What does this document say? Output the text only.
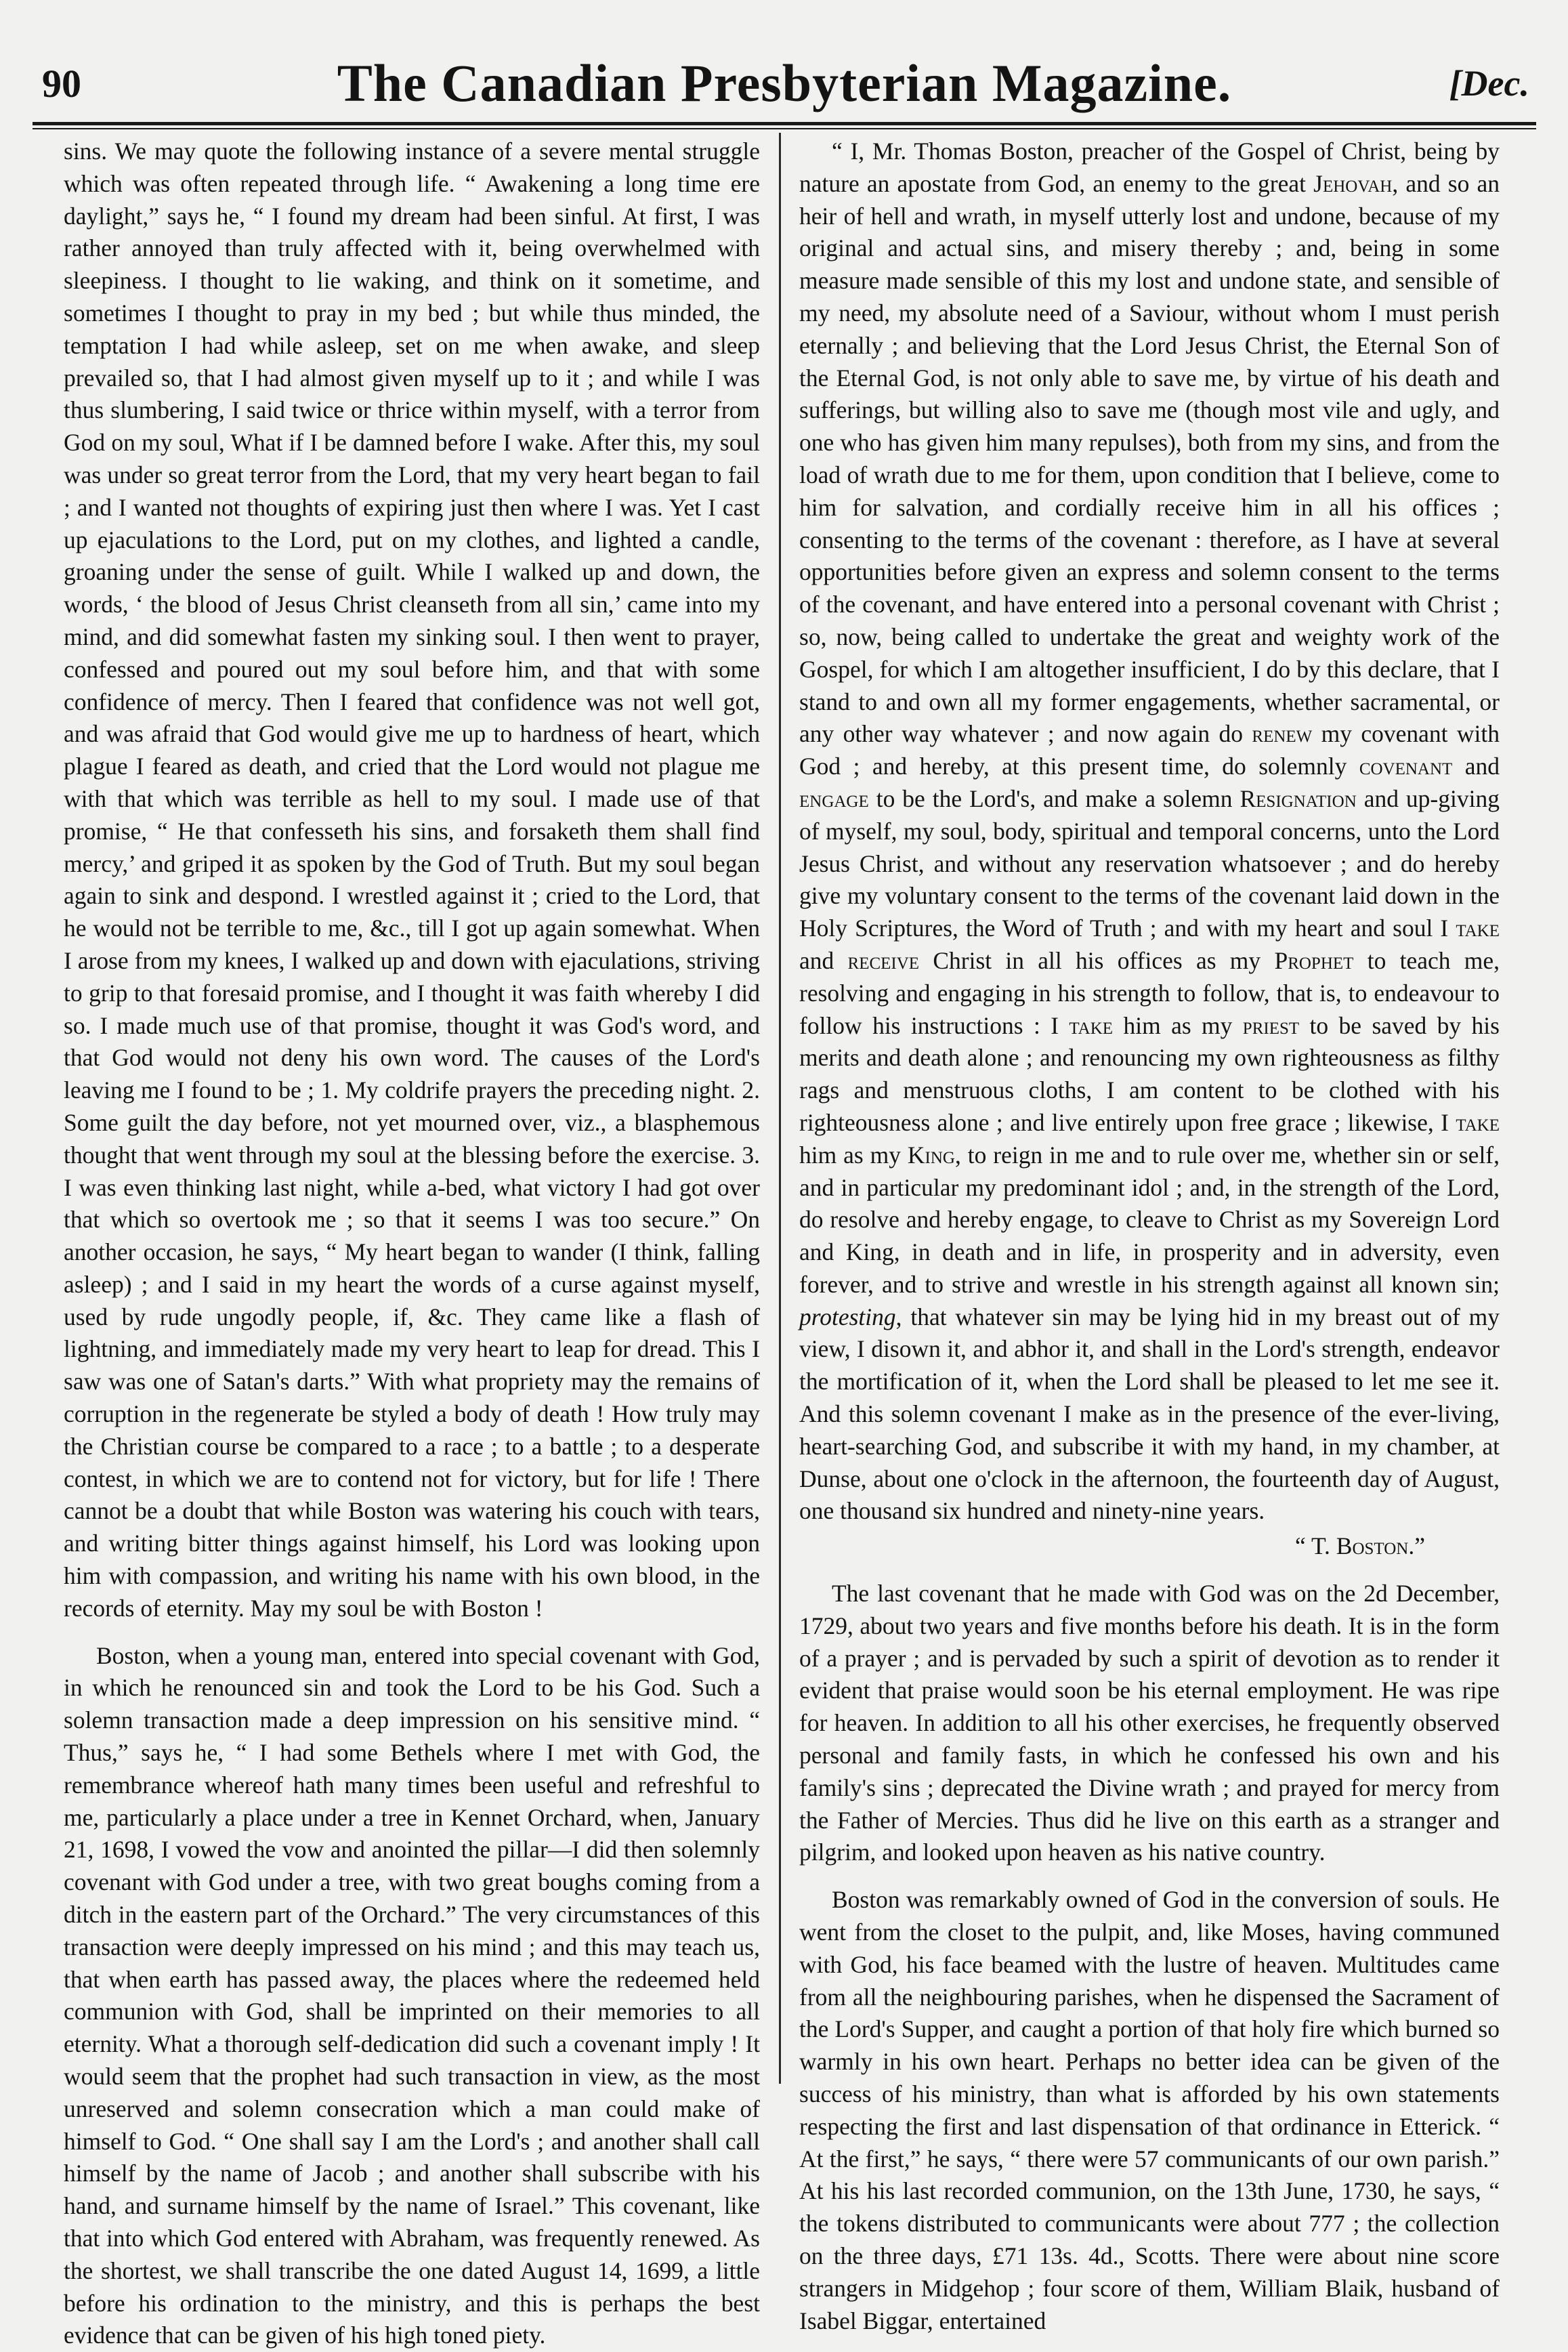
90	The Canadian Presbyterian Magazine.	[Dec.

sins. We may quote the following instance of a severe mental struggle which was often repeated through life. “ Awakening a long time ere daylight,” says he, “ I found my dream had been sinful. At first, I was rather annoyed than truly affected with it, being overwhelmed with sleepiness. I thought to lie waking, and think on it sometime, and sometimes I thought to pray in my bed ; but while thus minded, the temptation I had while asleep, set on me when awake, and sleep prevailed so, that I had almost given myself up to it ; and while I was thus slumbering, I said twice or thrice within myself, with a terror from God on my soul, What if I be damned before I wake. After this, my soul was under so great terror from the Lord, that my very heart began to fail ; and I wanted not thoughts of expiring just then where I was. Yet I cast up ejaculations to the Lord, put on my clothes, and lighted a candle, groaning under the sense of guilt. While I walked up and down, the words, ‘ the blood of Jesus Christ cleanseth from all sin,’ came into my mind, and did somewhat fasten my sinking soul. I then went to prayer, confessed and poured out my soul before him, and that with some confidence of mercy. Then I feared that confidence was not well got, and was afraid that God would give me up to hardness of heart, which plague I feared as death, and cried that the Lord would not plague me with that which was terrible as hell to my soul. I made use of that promise, “ He that confesseth his sins, and forsaketh them shall find mercy,’ and griped it as spoken by the God of Truth. But my soul began again to sink and despond. I wrestled against it ; cried to the Lord, that he would not be terrible to me, &c., till I got up again somewhat. When I arose from my knees, I walked up and down with ejaculations, striving to grip to that foresaid promise, and I thought it was faith whereby I did so. I made much use of that promise, thought it was God's word, and that God would not deny his own word. The causes of the Lord's leaving me I found to be ; 1. My coldrife prayers the preceding night. 2. Some guilt the day before, not yet mourned over, viz., a blasphemous thought that went through my soul at the blessing before the exercise. 3. I was even thinking last night, while a-bed, what victory I had got over that which so overtook me ; so that it seems I was too secure.” On another occasion, he says, “ My heart began to wander (I think, falling asleep) ; and I said in my heart the words of a curse against myself, used by rude ungodly people, if, &c. They came like a flash of lightning, and immediately made my very heart to leap for dread. This I saw was one of Satan's darts.” With what propriety may the remains of corruption in the regenerate be styled a body of death ! How truly may the Christian course be compared to a race ; to a battle ; to a desperate contest, in which we are to contend not for victory, but for life ! There cannot be a doubt that while Boston was watering his couch with tears, and writing bitter things against himself, his Lord was looking upon him with compassion, and writing his name with his own blood, in the records of eternity. May my soul be with Boston !

Boston, when a young man, entered into special covenant with God, in which he renounced sin and took the Lord to be his God. Such a solemn transaction made a deep impression on his sensitive mind. “ Thus,” says he, “ I had some Bethels where I met with God, the remembrance whereof hath many times been useful and refreshful to me, particularly a place under a tree in Kennet Orchard, when, January 21, 1698, I vowed the vow and anointed the pillar—I did then solemnly covenant with God under a tree, with two great boughs coming from a ditch in the eastern part of the Orchard.” The very circumstances of this transaction were deeply impressed on his mind ; and this may teach us, that when earth has passed away, the places where the redeemed held communion with God, shall be imprinted on their memories to all eternity. What a thorough self-dedication did such a covenant imply ! It would seem that the prophet had such transaction in view, as the most unreserved and solemn consecration which a man could make of himself to God. “ One shall say I am the Lord's ; and another shall call himself by the name of Jacob ; and another shall subscribe with his hand, and surname himself by the name of Israel.” This covenant, like that into which God entered with Abraham, was frequently renewed. As the shortest, we shall transcribe the one dated August 14, 1699, a little before his ordination to the ministry, and this is perhaps the best evidence that can be given of his high toned piety.

“ I, Mr. Thomas Boston, preacher of the Gospel of Christ, being by nature an apostate from God, an enemy to the great Jehovah, and so an heir of hell and wrath, in myself utterly lost and undone, because of my original and actual sins, and misery thereby ; and, being in some measure made sensible of this my lost and undone state, and sensible of my need, my absolute need of a Saviour, without whom I must perish eternally ; and believing that the Lord Jesus Christ, the Eternal Son of the Eternal God, is not only able to save me, by virtue of his death and sufferings, but willing also to save me (though most vile and ugly, and one who has given him many repulses), both from my sins, and from the load of wrath due to me for them, upon condition that I believe, come to him for salvation, and cordially receive him in all his offices ; consenting to the terms of the covenant : therefore, as I have at several opportunities before given an express and solemn consent to the terms of the covenant, and have entered into a personal covenant with Christ ; so, now, being called to undertake the great and weighty work of the Gospel, for which I am altogether insufficient, I do by this declare, that I stand to and own all my former engagements, whether sacramental, or any other way whatever ; and now again do renew my covenant with God ; and hereby, at this present time, do solemnly covenant and engage to be the Lord's, and make a solemn Resignation and up-giving of myself, my soul, body, spiritual and temporal concerns, unto the Lord Jesus Christ, and without any reservation whatsoever ; and do hereby give my voluntary consent to the terms of the covenant laid down in the Holy Scriptures, the Word of Truth ; and with my heart and soul I take and receive Christ in all his offices as my Prophet to teach me, resolving and engaging in his strength to follow, that is, to endeavour to follow his instructions : I take him as my priest to be saved by his merits and death alone ; and renouncing my own righteousness as filthy rags and menstruous cloths, I am content to be clothed with his righteousness alone ; and live entirely upon free grace ; likewise, I take him as my King, to reign in me and to rule over me, whether sin or self, and in particular my predominant idol ; and, in the strength of the Lord, do resolve and hereby engage, to cleave to Christ as my Sovereign Lord and King, in death and in life, in prosperity and in adversity, even forever, and to strive and wrestle in his strength against all known sin; protesting, that whatever sin may be lying hid in my breast out of my view, I disown it, and abhor it, and shall in the Lord's strength, endeavor the mortification of it, when the Lord shall be pleased to let me see it. And this solemn covenant I make as in the presence of the ever-living, heart-searching God, and subscribe it with my hand, in my chamber, at Dunse, about one o'clock in the afternoon, the fourteenth day of August, one thousand six hundred and ninety-nine years.

“ T. Boston.”

The last covenant that he made with God was on the 2d December, 1729, about two years and five months before his death. It is in the form of a prayer ; and is pervaded by such a spirit of devotion as to render it evident that praise would soon be his eternal employment. He was ripe for heaven. In addition to all his other exercises, he frequently observed personal and family fasts, in which he confessed his own and his family's sins ; deprecated the Divine wrath ; and prayed for mercy from the Father of Mercies. Thus did he live on this earth as a stranger and pilgrim, and looked upon heaven as his native country.

Boston was remarkably owned of God in the conversion of souls. He went from the closet to the pulpit, and, like Moses, having communed with God, his face beamed with the lustre of heaven. Multitudes came from all the neighbouring parishes, when he dispensed the Sacrament of the Lord's Supper, and caught a portion of that holy fire which burned so warmly in his own heart. Perhaps no better idea can be given of the success of his ministry, than what is afforded by his own statements respecting the first and last dispensation of that ordinance in Etterick. “ At the first,” he says, “ there were 57 communicants of our own parish.” At his his last recorded communion, on the 13th June, 1730, he says, “ the tokens distributed to communicants were about 777 ; the collection on the three days, £71 13s. 4d., Scotts. There were about nine score strangers in Midgehop ; four score of them, William Blaik, husband of Isabel Biggar, entertained
